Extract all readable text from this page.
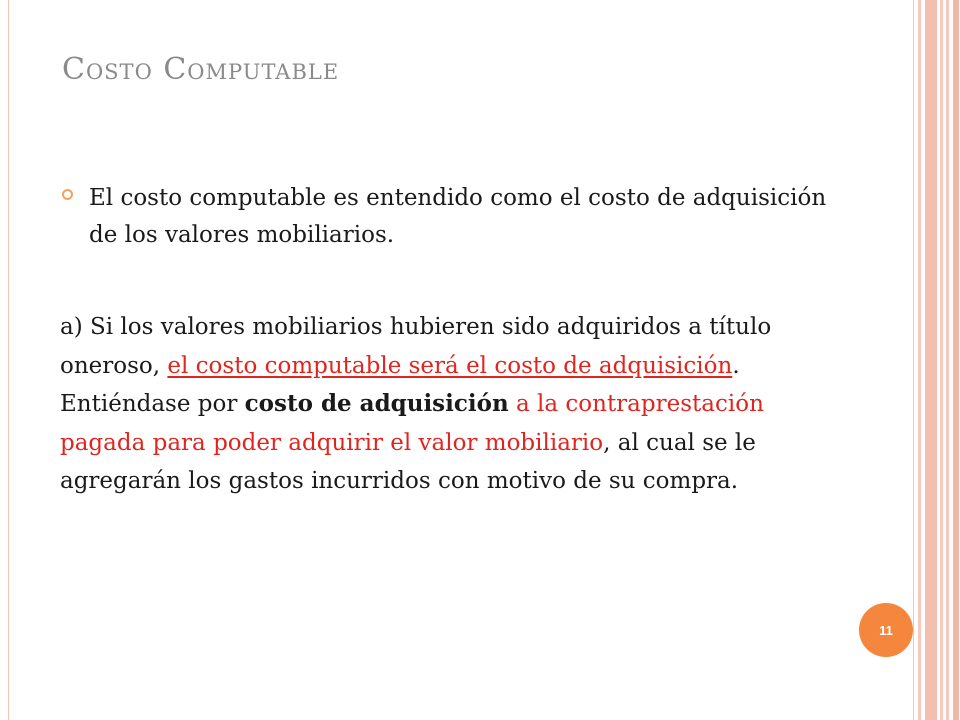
Costo Computable
El costo computable es entendido como el costo de adquisición de los valores mobiliarios.
a) Si los valores mobiliarios hubieren sido adquiridos a título oneroso, el costo computable será el costo de adquisición. Entiéndase por costo de adquisición a la contraprestación pagada para poder adquirir el valor mobiliario, al cual se le agregarán los gastos incurridos con motivo de su compra.
11
